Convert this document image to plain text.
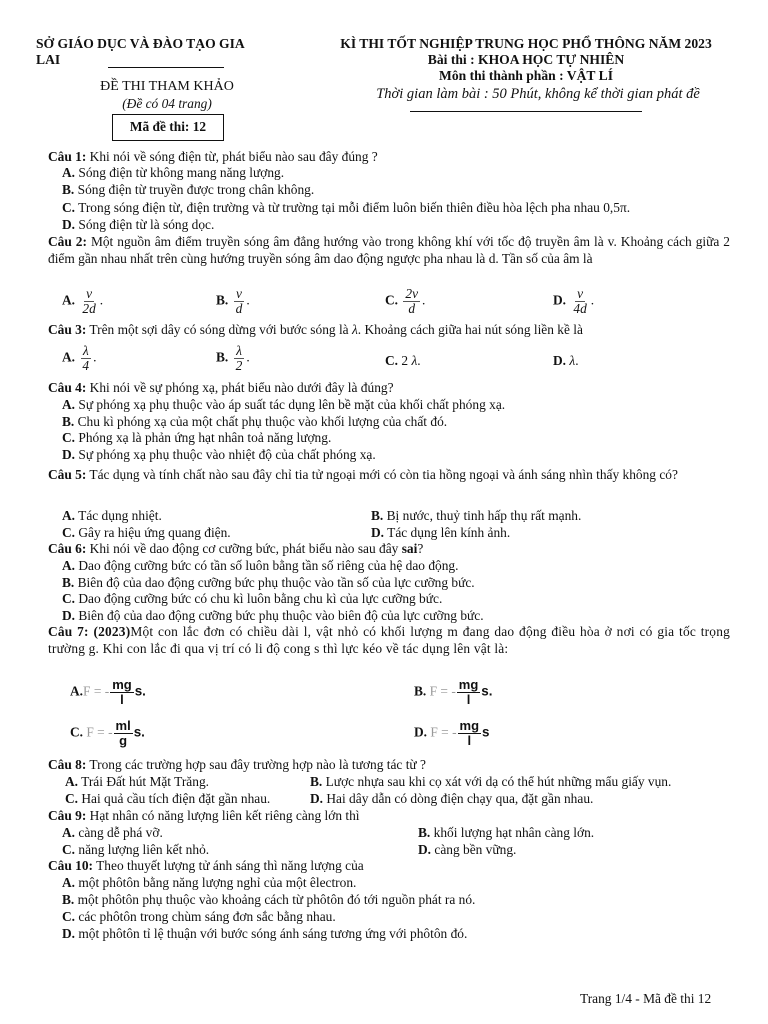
SỞ GIÁO DỤC VÀ ĐÀO TẠO GIA
LAI
ĐỀ THI THAM KHẢO
(Đề có 04 trang)
Mã đề thi: 12
KÌ THI TỐT NGHIỆP TRUNG HỌC PHỔ THÔNG NĂM 2023
Bài thi : KHOA HỌC TỰ NHIÊN
Môn thi thành phần : VẬT LÍ
Thời gian làm bài : 50 Phút, không kể thời gian phát đề
Câu 1: Khi nói về sóng điện từ, phát biểu nào sau đây đúng ?
A. Sóng điện từ không mang năng lượng.
B. Sóng điện từ truyền được trong chân không.
C. Trong sóng điện từ, điện trường và từ trường tại mỗi điểm luôn biến thiên điều hòa lệch pha nhau 0,5π.
D. Sóng điện từ là sóng dọc.
Câu 2: Một nguồn âm điểm truyền sóng âm đẳng hướng vào trong không khí với tốc độ truyền âm là v. Khoảng cách giữa 2 điểm gần nhau nhất trên cùng hướng truyền sóng âm dao động ngược pha nhau là d. Tần số của âm là
A. $\frac{v}{2d}$ .	B. $\frac{v}{d}$ .	C. $\frac{2v}{d}$ .	D. $\frac{v}{4d}$ .
Câu 3: Trên một sợi dây có sóng dừng với bước sóng là λ. Khoảng cách giữa hai nút sóng liền kề là
A. $\frac{\lambda}{4}$ .	B. $\frac{\lambda}{2}$ .	C. 2 λ.	D. λ.
Câu 4: Khi nói về sự phóng xạ, phát biểu nào dưới đây là đúng?
A. Sự phóng xạ phụ thuộc vào áp suất tác dụng lên bề mặt của khối chất phóng xạ.
B. Chu kì phóng xạ của một chất phụ thuộc vào khối lượng của chất đó.
C. Phóng xạ là phản ứng hạt nhân toả năng lượng.
D. Sự phóng xạ phụ thuộc vào nhiệt độ của chất phóng xạ.
Câu 5: Tác dụng và tính chất nào sau đây chỉ tia tử ngoại mới có còn tia hồng ngoại và ánh sáng nhìn thấy không có?
A. Tác dụng nhiệt.	B. Bị nước, thuỷ tinh hấp thụ rất mạnh.
C. Gây ra hiệu ứng quang điện.	D. Tác dụng lên kính ảnh.
Câu 6: Khi nói về dao động cơ cưỡng bức, phát biểu nào sau đây sai?
A. Dao động cưỡng bức có tần số luôn bằng tần số riêng của hệ dao động.
B. Biên độ của dao động cưỡng bức phụ thuộc vào tần số của lực cưỡng bức.
C. Dao động cưỡng bức có chu kì luôn bằng chu kì của lực cưỡng bức.
D. Biên độ của dao động cưỡng bức phụ thuộc vào biên độ của lực cưỡng bức.
Câu 7: (2023)Một con lắc đơn có chiều dài l, vật nhỏ có khối lượng m đang dao động điều hòa ở nơi có gia tốc trọng trường g. Khi con lắc đi qua vị trí có li độ cong s thì lực kéo về tác dụng lên vật là:
A.F = - $\frac{mg}{l} s$.	B. F = - $\frac{mg}{l} s$.
C. F = - $\frac{ml}{g} s$.	D. F = - $\frac{mg}{l}$ s
Câu 8: Trong các trường hợp sau đây trường hợp nào là tương tác từ ?
A. Trái Đất hút Mặt Trăng.	B. Lược nhựa sau khi cọ xát với dạ có thể hút những mẩu giấy vụn.
C. Hai quả cầu tích điện đặt gần nhau.	D. Hai dây dẫn có dòng điện chạy qua, đặt gần nhau.
Câu 9: Hạt nhân có năng lượng liên kết riêng càng lớn thì
A. càng dễ phá vỡ.	B. khối lượng hạt nhân càng lớn.
C. năng lượng liên kết nhỏ.	D. càng bền vững.
Câu 10: Theo thuyết lượng tử ánh sáng thì năng lượng của
A. một phôtôn bằng năng lượng nghỉ của một êlectron.
B. một phôtôn phụ thuộc vào khoảng cách từ phôtôn đó tới nguồn phát ra nó.
C. các phôtôn trong chùm sáng đơn sắc bằng nhau.
D. một phôtôn tỉ lệ thuận với bước sóng ánh sáng tương ứng với phôtôn đó.
Trang 1/4 - Mã đề thi 12
